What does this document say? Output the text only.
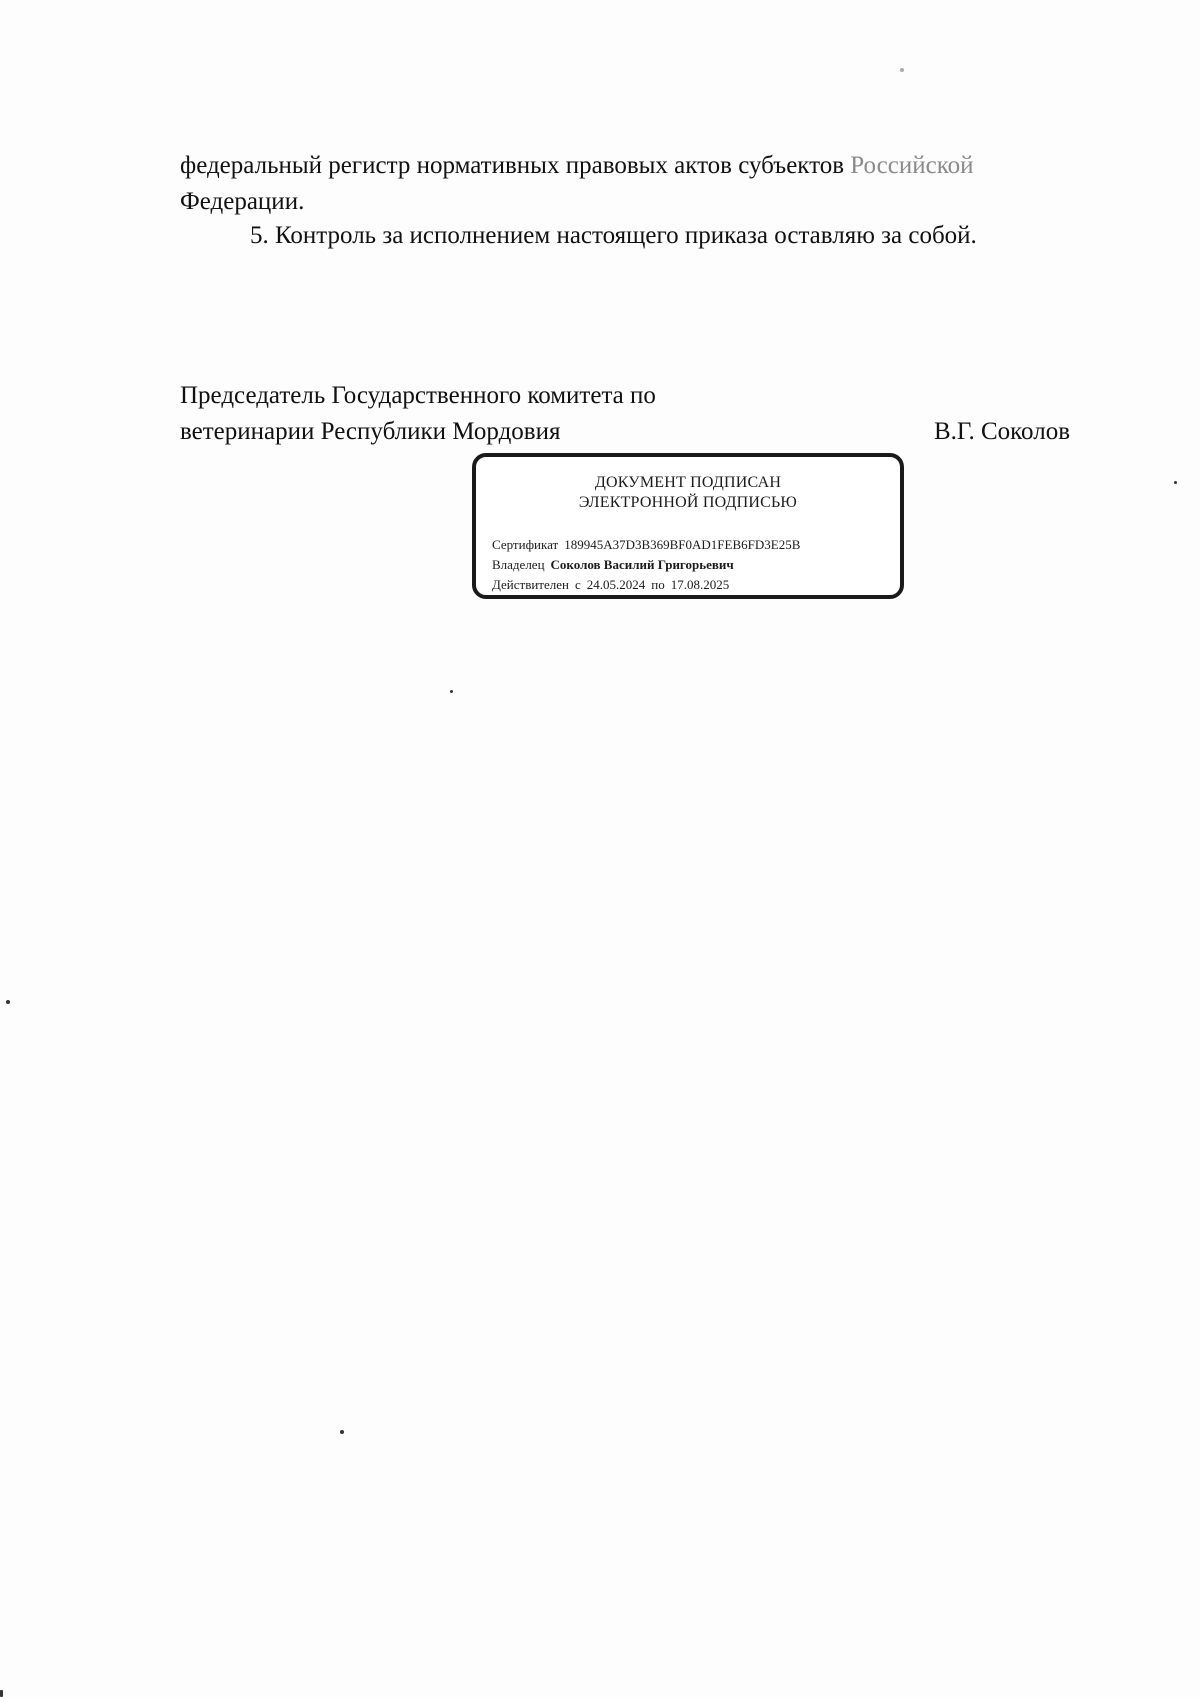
федеральный регистр нормативных правовых актов субъектов Российской
Федерации.
5. Контроль за исполнением настоящего приказа оставляю за собой.
Председатель Государственного комитета по
ветеринарии Республики Мордовия	В.Г. Соколов
ДОКУМЕНТ ПОДПИСАН
ЭЛЕКТРОННОЙ ПОДПИСЬЮ
Сертификат 189945A37D3B369BF0AD1FEB6FD3E25B
Владелец Соколов Василий Григорьевич
Действителен с 24.05.2024 по 17.08.2025
